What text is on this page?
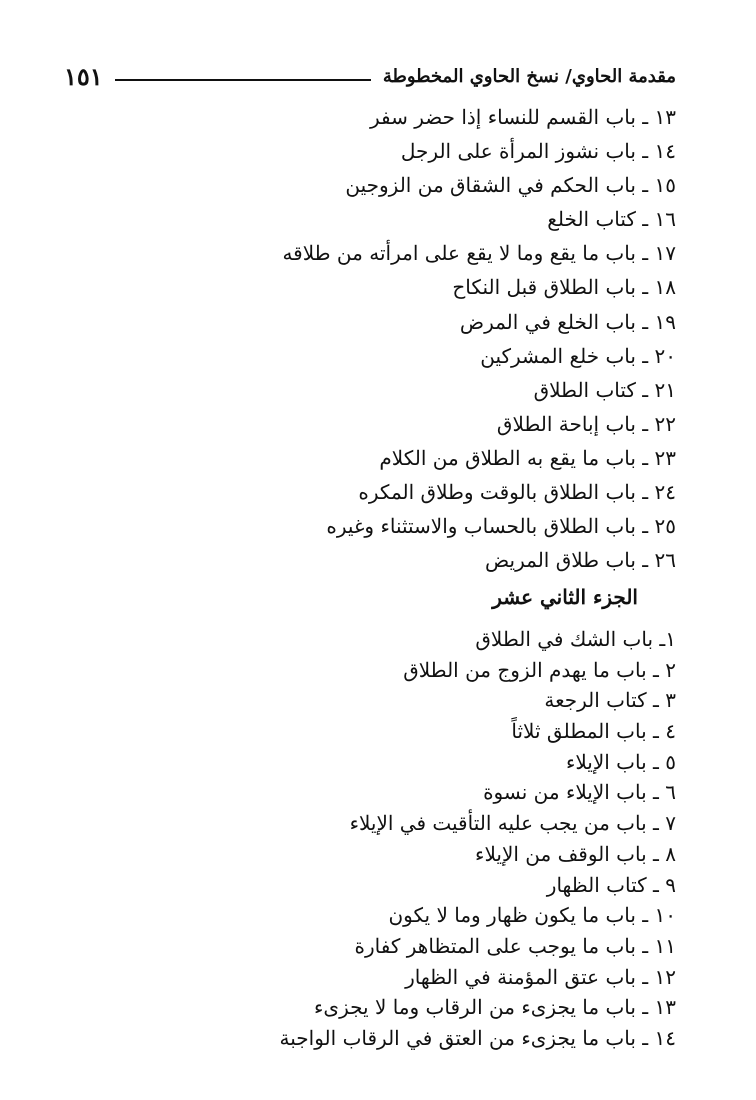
١٥١	مقدمة الحاوي/ نسخ الحاوي المخطوطة
١٣ ـ باب القسم للنساء إذا حضر سفر
١٤ ـ باب نشوز المرأة على الرجل
١٥ ـ باب الحكم في الشقاق من الزوجين
١٦ ـ كتاب الخلع
١٧ ـ باب ما يقع وما لا يقع على امرأته من طلاقه
١٨ ـ باب الطلاق قبل النكاح
١٩ ـ باب الخلع في المرض
٢٠ ـ باب خلع المشركين
٢١ ـ كتاب الطلاق
٢٢ ـ باب إباحة الطلاق
٢٣ ـ باب ما يقع به الطلاق من الكلام
٢٤ ـ باب الطلاق بالوقت وطلاق المكره
٢٥ ـ باب الطلاق بالحساب والاستثناء وغيره
٢٦ ـ باب طلاق المريض
الجزء الثاني عشر
١ـ باب الشك في الطلاق
٢ ـ باب ما يهدم الزوج من الطلاق
٣ ـ كتاب الرجعة
٤ ـ باب المطلق ثلاثاً
٥ ـ باب الإيلاء
٦ ـ باب الإيلاء من نسوة
٧ ـ باب من يجب عليه التأقيت في الإيلاء
٨ ـ باب الوقف من الإيلاء
٩ ـ كتاب الظهار
١٠ ـ باب ما يكون ظهار وما لا يكون
١١ ـ باب ما يوجب على المتظاهر كفارة
١٢ ـ باب عتق المؤمنة في الظهار
١٣ ـ باب ما يجزىء من الرقاب وما لا يجزىء
١٤ ـ باب ما يجزىء من العتق في الرقاب الواجبة
